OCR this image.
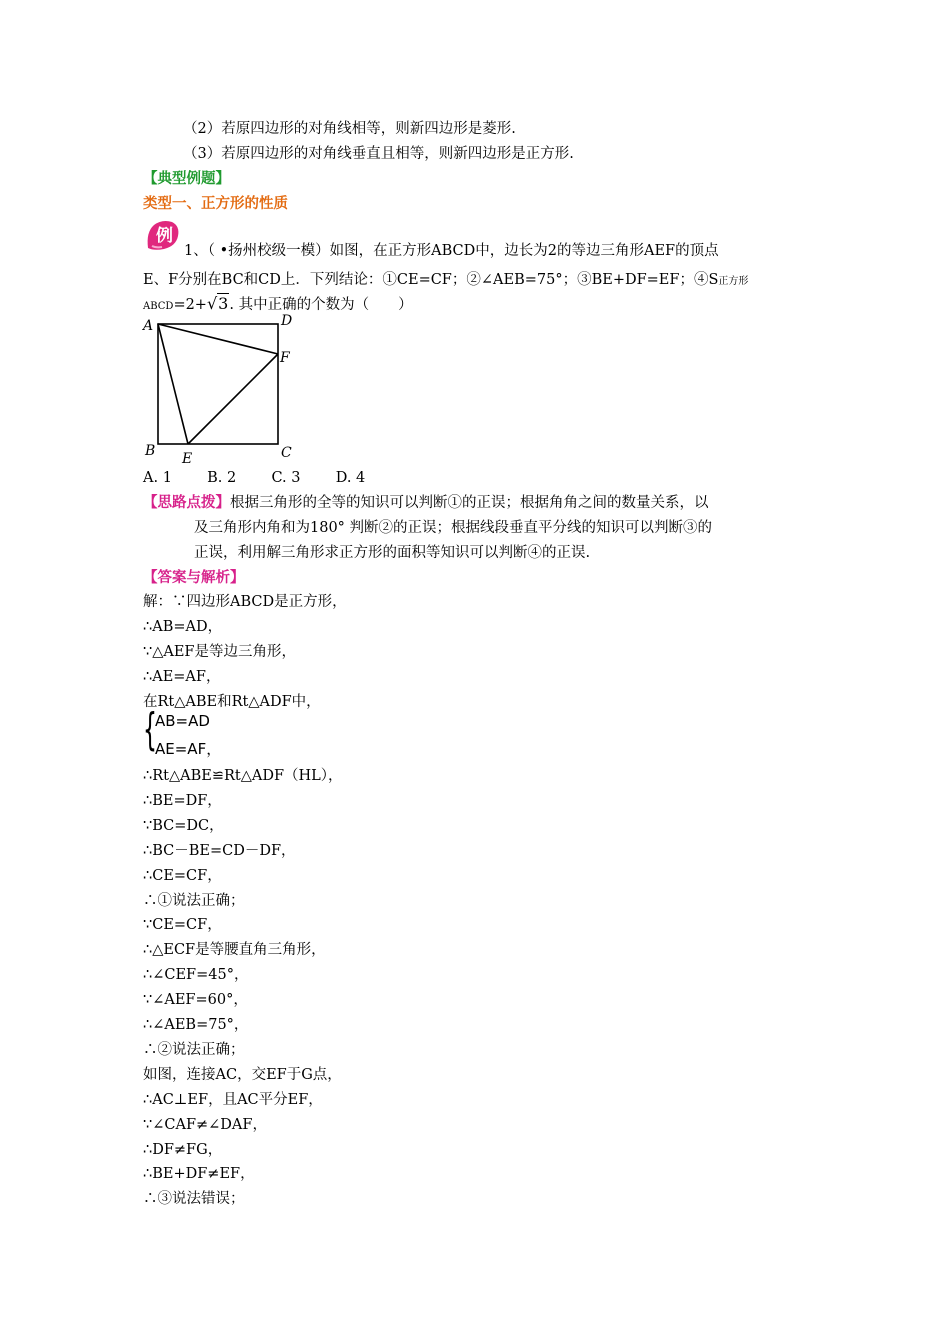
（2）若原四边形的对角线相等，则新四边形是菱形.
（3）若原四边形的对角线垂直且相等，则新四边形是正方形.
【典型例题】
类型一、正方形的性质
例
1、（ •扬州校级一模）如图，在正方形ABCD中，边长为2的等边三角形AEF的顶点
E、F分别在BC和CD上．下列结论：①CE=CF；②∠AEB=75°；③BE+DF=EF；④S正方形
ABCD=2+√3. 其中正确的个数为（　　）
A	D
F
B E	C
A. 1 B. 2 C. 3 D. 4
【思路点拨】根据三角形的全等的知识可以判断①的正误；根据角角之间的数量关系，以
及三角形内角和为180° 判断②的正误；根据线段垂直平分线的知识可以判断③的
正误，利用解三角形求正方形的面积等知识可以判断④的正误.
【答案与解析】
解：∵四边形ABCD是正方形，
∴AB=AD，
∵△AEF是等边三角形，
∴AE=AF，
在Rt△ABE和Rt△ADF中，
{
AB=AD
AE=AF，
∴Rt△ABE≌Rt△ADF（HL），
∴BE=DF，
∵BC=DC，
∴BC－BE=CD－DF，
∴CE=CF，
∴①说法正确；
∵CE=CF，
∴△ECF是等腰直角三角形，
∴∠CEF=45°，
∵∠AEF=60°，
∴∠AEB=75°，
∴②说法正确；
如图，连接AC，交EF于G点，
∴AC⊥EF，且AC平分EF，
∵∠CAF≠∠DAF，
∴DF≠FG，
∴BE+DF≠EF，
∴③说法错误；
